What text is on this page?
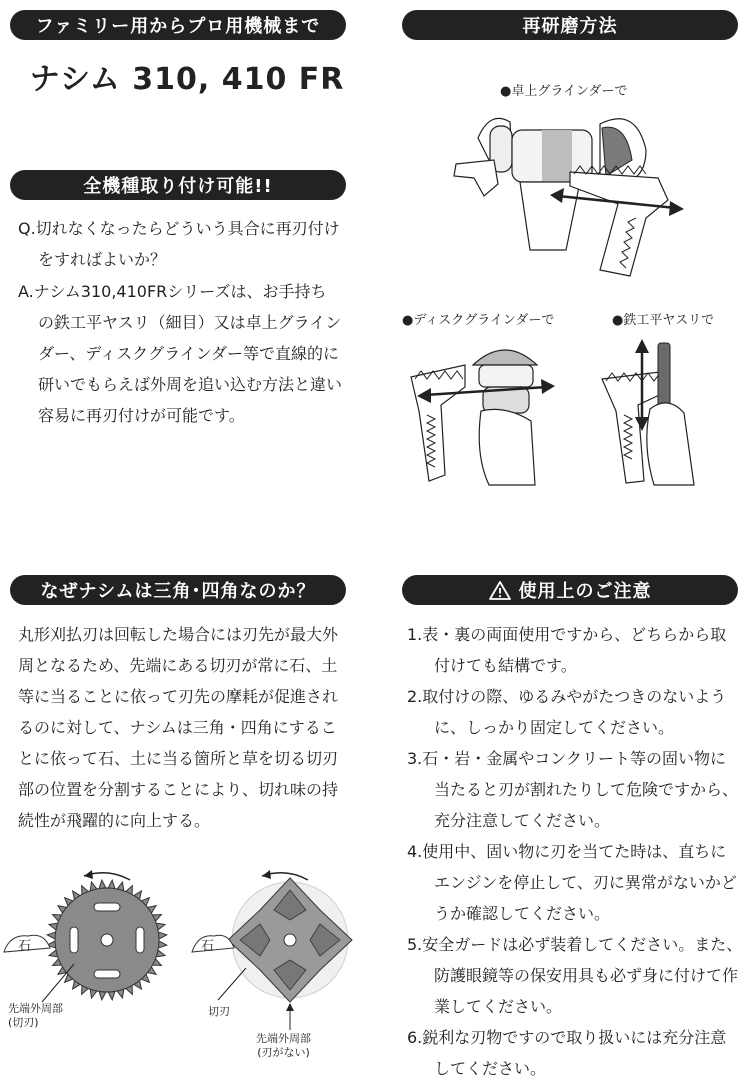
ファミリー用からプロ用機械まで
ナシム 310, 410 FR
全機種取り付け可能!!
Q.切れなくなったらどういう具合に再刃付け
をすればよいか？
A.ナシム310,410FRシリーズは、お手持ち
の鉄工平ヤスリ（細目）又は卓上グライン
ダー、ディスクグラインダー等で直線的に
研いでもらえば外周を追い込む方法と違い
容易に再刃付けが可能です。
なぜナシムは三角･四角なのか？
丸形刈払刃は回転した場合には刃先が最大外
周となるため、先端にある切刃が常に石、土
等に当ることに依って刃先の摩耗が促進され
るのに対して、ナシムは三角・四角にするこ
とに依って石、土に当る箇所と草を切る切刃
部の位置を分割することにより、切れ味の持
続性が飛躍的に向上する。
石
先端外周部
(切刃)
石
切刃
先端外周部
(刃がない)
再研磨方法
●卓上グラインダーで
●ディスクグラインダーで	●鉄工平ヤスリで
使用上のご注意
1.表・裏の両面使用ですから、どちらから取
付けても結構です。
2.取付けの際、ゆるみやがたつきのないよう
に、しっかり固定してください。
3.石・岩・金属やコンクリート等の固い物に
当たると刃が割れたりして危険ですから、
充分注意してください。
4.使用中、固い物に刃を当てた時は、直ちに
エンジンを停止して、刃に異常がないかど
うか確認してください。
5.安全ガードは必ず装着してください。また、
防護眼鏡等の保安用具も必ず身に付けて作
業してください。
6.鋭利な刃物ですので取り扱いには充分注意
してください。
